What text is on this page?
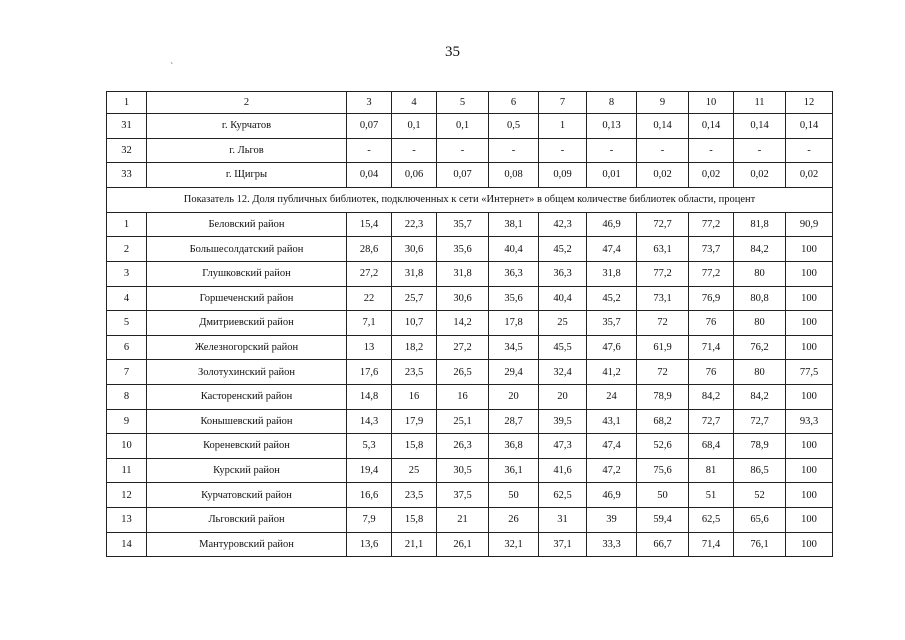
35
`
1	2	3	4	5	6	7	8	9	10	11	12
31	г. Курчатов	0,07	0,1	0,1	0,5	1	0,13	0,14	0,14	0,14	0,14
32	г. Льгов	-	-	-	-	-	-	-	-	-	-
33	г. Щигры	0,04	0,06	0,07	0,08	0,09	0,01	0,02	0,02	0,02	0,02
Показатель 12. Доля публичных библиотек, подключенных к сети «Интернет» в общем количестве библиотек области, процент											
1	Беловский район	15,4	22,3	35,7	38,1	42,3	46,9	72,7	77,2	81,8	90,9
2	Большесолдатский район	28,6	30,6	35,6	40,4	45,2	47,4	63,1	73,7	84,2	100
3	Глушковский район	27,2	31,8	31,8	36,3	36,3	31,8	77,2	77,2	80	100
4	Горшеченский район	22	25,7	30,6	35,6	40,4	45,2	73,1	76,9	80,8	100
5	Дмитриевский район	7,1	10,7	14,2	17,8	25	35,7	72	76	80	100
6	Железногорский район	13	18,2	27,2	34,5	45,5	47,6	61,9	71,4	76,2	100
7	Золотухинский район	17,6	23,5	26,5	29,4	32,4	41,2	72	76	80	77,5
8	Касторенский район	14,8	16	16	20	20	24	78,9	84,2	84,2	100
9	Конышевский район	14,3	17,9	25,1	28,7	39,5	43,1	68,2	72,7	72,7	93,3
10	Кореневский район	5,3	15,8	26,3	36,8	47,3	47,4	52,6	68,4	78,9	100
11	Курский район	19,4	25	30,5	36,1	41,6	47,2	75,6	81	86,5	100
12	Курчатовский район	16,6	23,5	37,5	50	62,5	46,9	50	51	52	100
13	Льговский район	7,9	15,8	21	26	31	39	59,4	62,5	65,6	100
14	Мантуровский район	13,6	21,1	26,1	32,1	37,1	33,3	66,7	71,4	76,1	100
